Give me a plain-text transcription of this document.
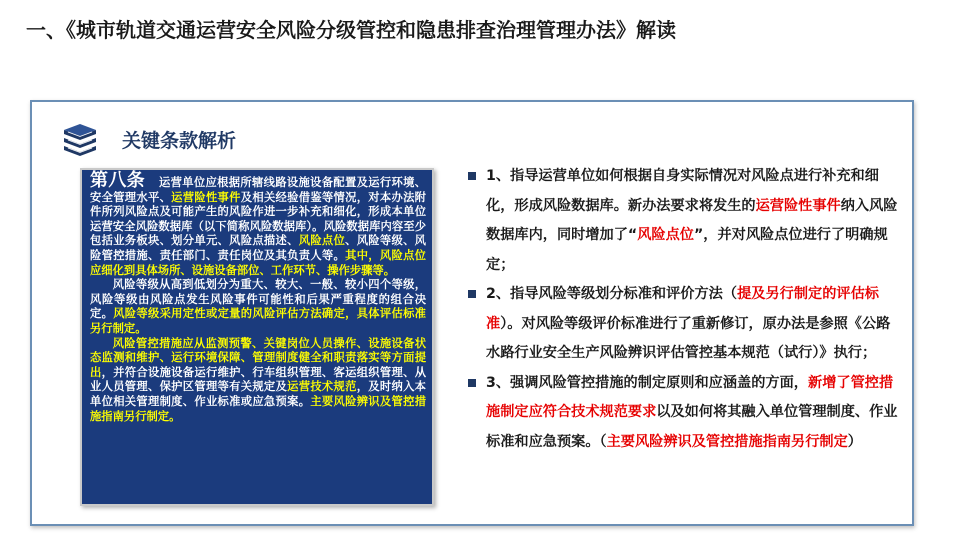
一、《城市轨道交通运营安全风险分级管控和隐患排查治理管理办法》解读
关键条款解析

第八条 运营单位应根据所辖线路设施设备配置及运行环境、安全管理水平、运营险性事件及相关经验借鉴等情况，对本办法附件所列风险点及可能产生的风险作进一步补充和细化，形成本单位运营安全风险数据库（以下简称风险数据库）。风险数据库内容至少包括业务板块、划分单元、风险点描述、风险点位、风险等级、风险管控措施、责任部门、责任岗位及其负责人等。其中，风险点位应细化到具体场所、设施设备部位、工作环节、操作步骤等。

风险等级从高到低划分为重大、较大、一般、较小四个等级，风险等级由风险点发生风险事件可能性和后果严重程度的组合决定。风险等级采用定性或定量的风险评估方法确定，具体评估标准另行制定。

风险管控措施应从监测预警、关键岗位人员操作、设施设备状态监测和维护、运行环境保障、管理制度健全和职责落实等方面提出，并符合设施设备运行维护、行车组织管理、客运组织管理、从业人员管理、保护区管理等有关规定及运营技术规范，及时纳入本单位相关管理制度、作业标准或应急预案。主要风险辨识及管控措施指南另行制定。

1、指导运营单位如何根据自身实际情况对风险点进行补充和细化，形成风险数据库。新办法要求将发生的运营险性事件纳入风险数据库内，同时增加了“风险点位”，并对风险点位进行了明确规定；
2、指导风险等级划分标准和评价方法（提及另行制定的评估标准）。对风险等级评价标准进行了重新修订，原办法是参照《公路水路行业安全生产风险辨识评估管控基本规范（试行）》执行；
3、强调风险管控措施的制定原则和应涵盖的方面，新增了管控措施制定应符合技术规范要求以及如何将其融入单位管理制度、作业标准和应急预案。（主要风险辨识及管控措施指南另行制定）
